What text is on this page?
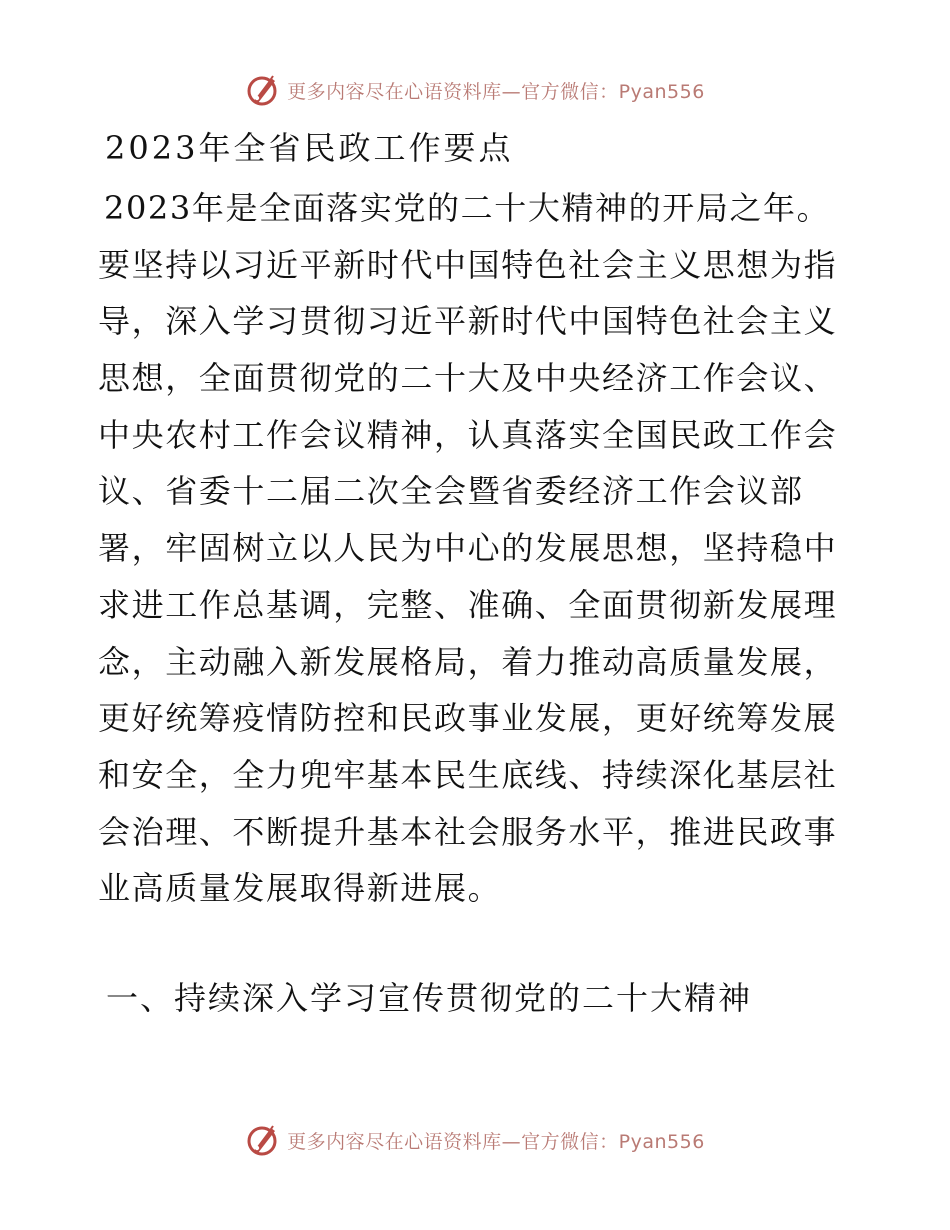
更多内容尽在心语资料库—官方微信：Pyan556
2023年全省民政工作要点
2023年是全面落实党的二十大精神的开局之年。
要坚持以习近平新时代中国特色社会主义思想为指
导，深入学习贯彻习近平新时代中国特色社会主义
思想，全面贯彻党的二十大及中央经济工作会议、
中央农村工作会议精神，认真落实全国民政工作会
议、省委十二届二次全会暨省委经济工作会议部
署，牢固树立以人民为中心的发展思想，坚持稳中
求进工作总基调，完整、准确、全面贯彻新发展理
念，主动融入新发展格局，着力推动高质量发展，
更好统筹疫情防控和民政事业发展，更好统筹发展
和安全，全力兜牢基本民生底线、持续深化基层社
会治理、不断提升基本社会服务水平，推进民政事
业高质量发展取得新进展。
一、持续深入学习宣传贯彻党的二十大精神
更多内容尽在心语资料库—官方微信：Pyan556
